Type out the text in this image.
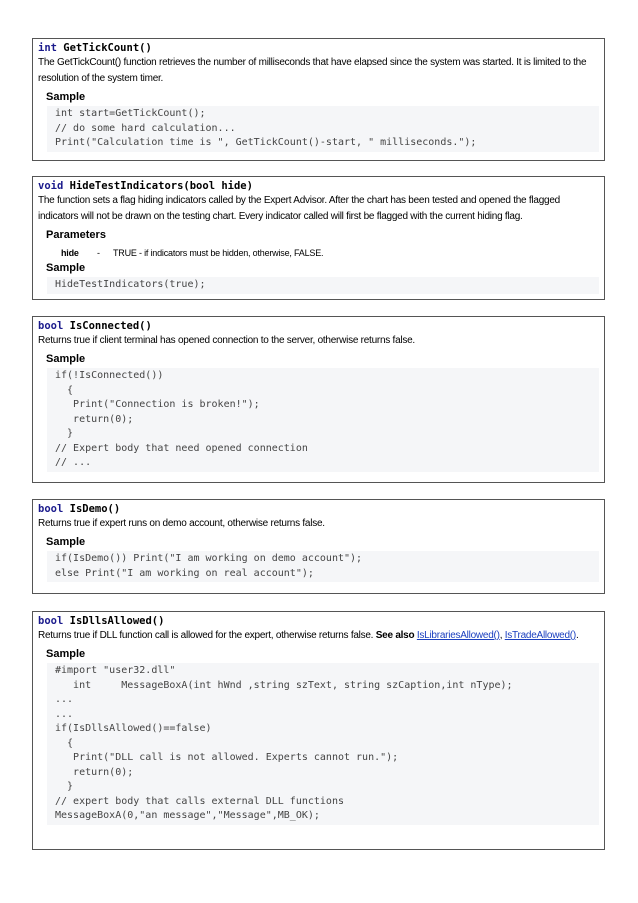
int GetTickCount()
The GetTickCount() function retrieves the number of milliseconds that have elapsed since the system was started. It is limited to the resolution of the system timer.
Sample
int start=GetTickCount();
// do some hard calculation...
Print("Calculation time is ", GetTickCount()-start, " milliseconds.");
void HideTestIndicators(bool hide)
The function sets a flag hiding indicators called by the Expert Advisor. After the chart has been tested and opened the flagged indicators will not be drawn on the testing chart. Every indicator called will first be flagged with the current hiding flag.
Parameters
hide - TRUE - if indicators must be hidden, otherwise, FALSE.
Sample
HideTestIndicators(true);
bool IsConnected()
Returns true if client terminal has opened connection to the server, otherwise returns false.
Sample
if(!IsConnected())
{
Print("Connection is broken!");
return(0);
}
// Expert body that need opened connection
// ...
bool IsDemo()
Returns true if expert runs on demo account, otherwise returns false.
Sample
if(IsDemo()) Print("I am working on demo account");
else Print("I am working on real account");
bool IsDllsAllowed()
Returns true if DLL function call is allowed for the expert, otherwise returns false. See also IsLibrariesAllowed(), IsTradeAllowed().
Sample
#import "user32.dll"
int     MessageBoxA(int hWnd ,string szText, string szCaption,int nType);
...
...
if(IsDllsAllowed()==false)
{
Print("DLL call is not allowed. Experts cannot run.");
return(0);
}
// expert body that calls external DLL functions
MessageBoxA(0,"an message","Message",MB_OK);
